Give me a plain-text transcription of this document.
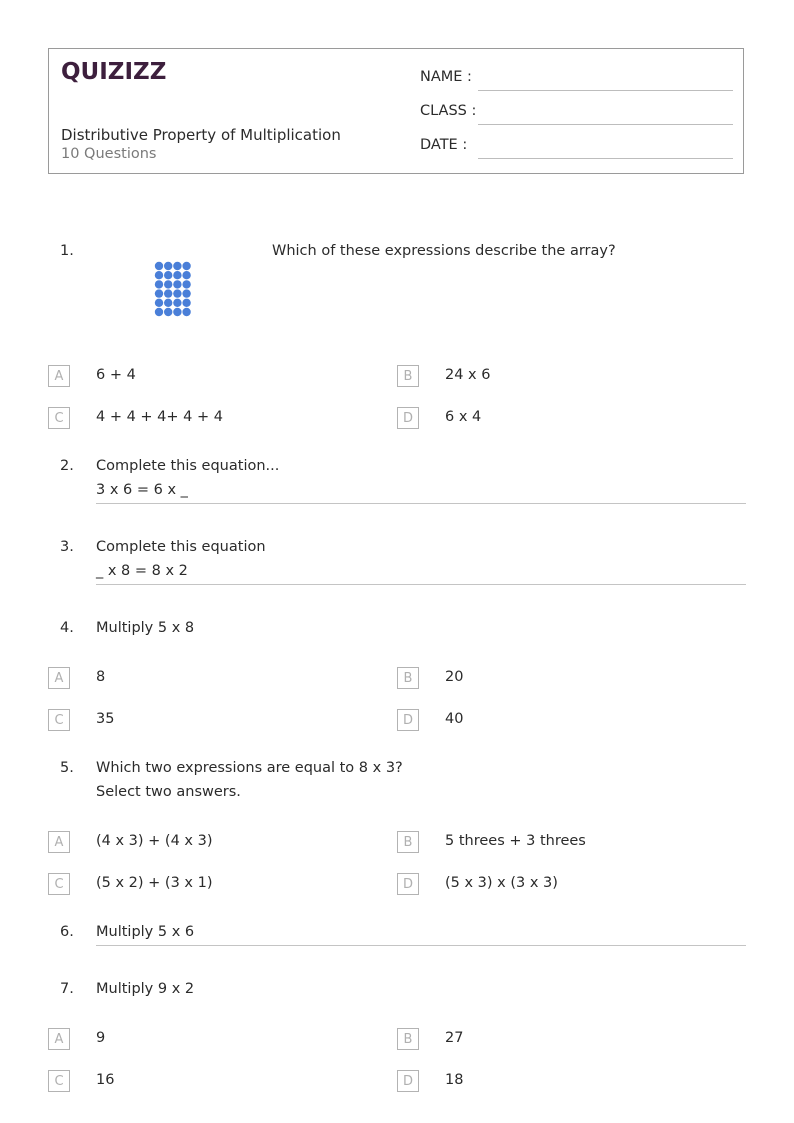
QUIZIZZ
Distributive Property of Multiplication
10 Questions
NAME :
CLASS :
DATE :
1.	Which of these expressions describe the array?
A	6 + 4	B	24 x 6
C	4 + 4 + 4+ 4 + 4	D	6 x 4
2. Complete this equation...
3 x 6 = 6 x _
3. Complete this equation
_ x 8 = 8 x 2
4. Multiply 5 x 8
A	8	B	20
C	35	D	40
5. Which two expressions are equal to 8 x 3?
Select two answers.
A	(4 x 3) + (4 x 3)	B	5 threes + 3 threes
C	(5 x 2) + (3 x 1)	D	(5 x 3) x (3 x 3)
6. Multiply 5 x 6
7. Multiply 9 x 2
A	9	B	27
C	16	D	18
